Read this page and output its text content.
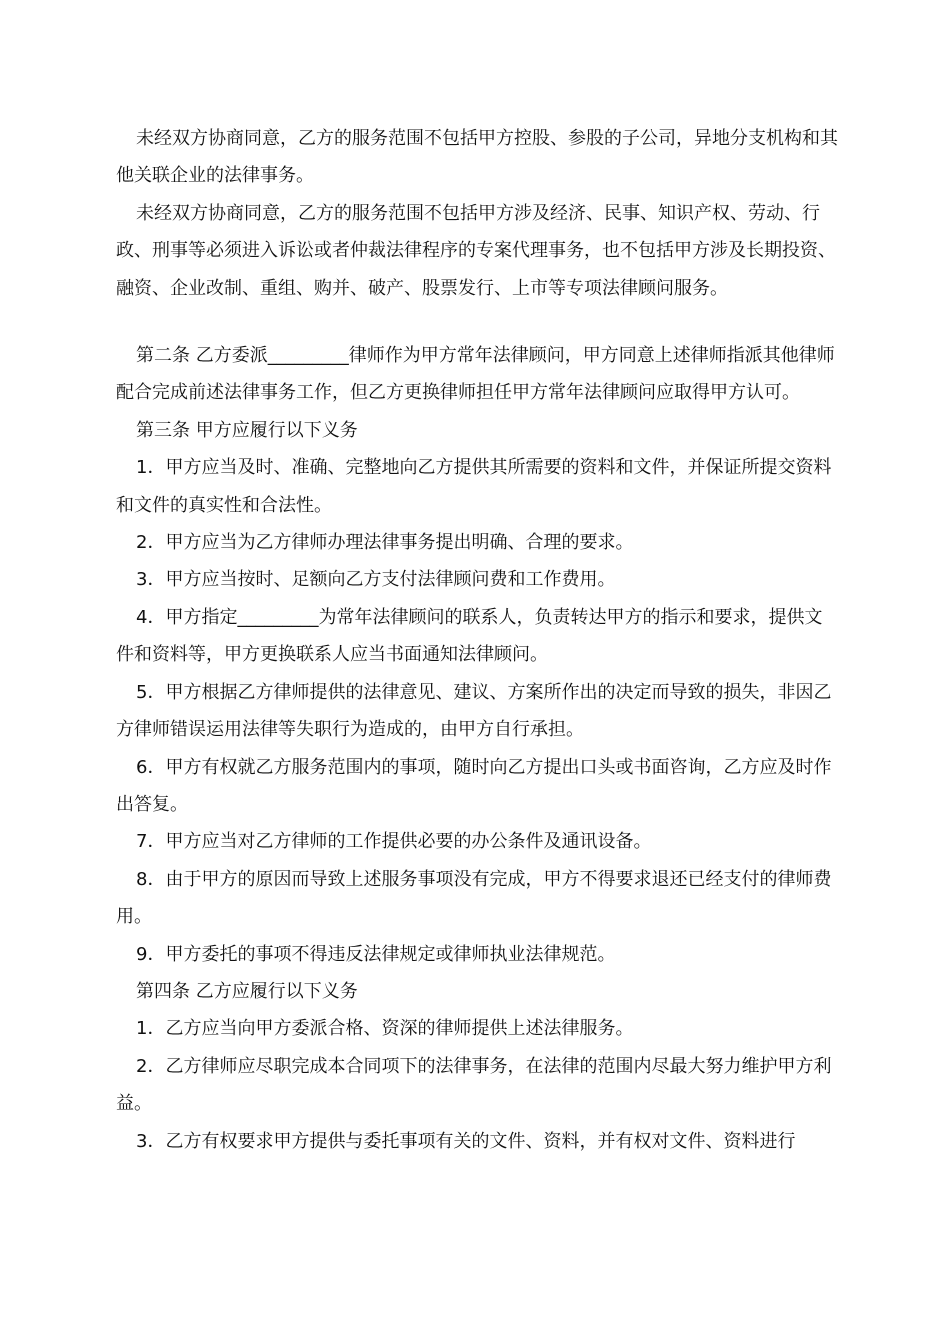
未经双方协商同意，乙方的服务范围不包括甲方控股、参股的子公司，异地分支机构和其他关联企业的法律事务。

未经双方协商同意，乙方的服务范围不包括甲方涉及经济、民事、知识产权、劳动、行政、刑事等必须进入诉讼或者仲裁法律程序的专案代理事务，也不包括甲方涉及长期投资、融资、企业改制、重组、购并、破产、股票发行、上市等专项法律顾问服务。

第二条 乙方委派_________律师作为甲方常年法律顾问，甲方同意上述律师指派其他律师配合完成前述法律事务工作，但乙方更换律师担任甲方常年法律顾问应取得甲方认可。

第三条 甲方应履行以下义务

1．甲方应当及时、准确、完整地向乙方提供其所需要的资料和文件，并保证所提交资料和文件的真实性和合法性。

2．甲方应当为乙方律师办理法律事务提出明确、合理的要求。

3．甲方应当按时、足额向乙方支付法律顾问费和工作费用。

4．甲方指定_________为常年法律顾问的联系人，负责转达甲方的指示和要求，提供文件和资料等，甲方更换联系人应当书面通知法律顾问。

5．甲方根据乙方律师提供的法律意见、建议、方案所作出的决定而导致的损失，非因乙方律师错误运用法律等失职行为造成的，由甲方自行承担。

6．甲方有权就乙方服务范围内的事项，随时向乙方提出口头或书面咨询，乙方应及时作出答复。

7．甲方应当对乙方律师的工作提供必要的办公条件及通讯设备。

8．由于甲方的原因而导致上述服务事项没有完成，甲方不得要求退还已经支付的律师费用。

9．甲方委托的事项不得违反法律规定或律师执业法律规范。

第四条 乙方应履行以下义务

1．乙方应当向甲方委派合格、资深的律师提供上述法律服务。

2．乙方律师应尽职完成本合同项下的法律事务，在法律的范围内尽最大努力维护甲方利益。

3．乙方有权要求甲方提供与委托事项有关的文件、资料，并有权对文件、资料进行
